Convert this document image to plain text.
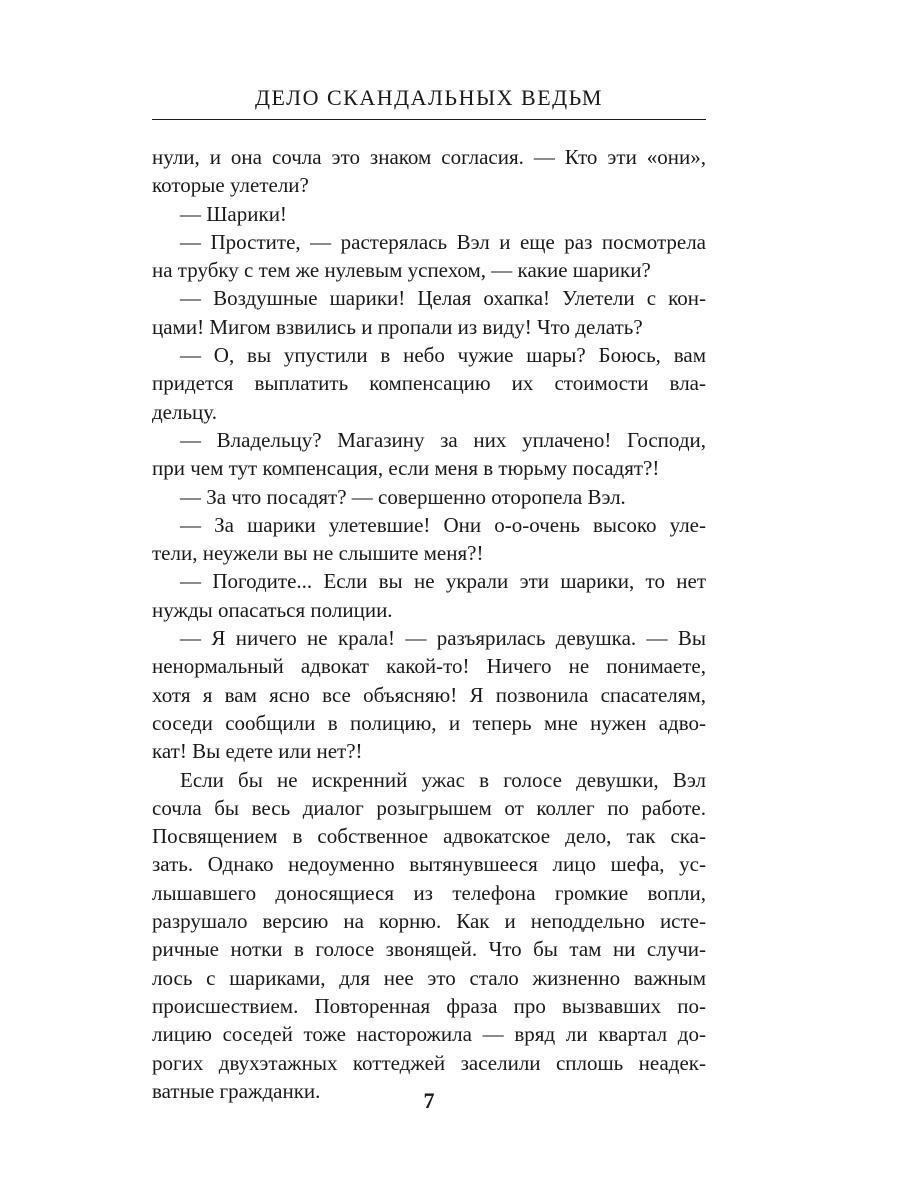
ДЕЛО СКАНДАЛЬНЫХ ВЕДЬМ
нули, и она сочла это знаком согласия. — Кто эти «они»,
которые улетели?
— Шарики!
— Простите, — растерялась Вэл и еще раз посмотрела
на трубку с тем же нулевым успехом, — какие шарики?
— Воздушные шарики! Целая охапка! Улетели с кон-
цами! Мигом взвились и пропали из виду! Что делать?
— О, вы упустили в небо чужие шары? Боюсь, вам
придется выплатить компенсацию их стоимости вла-
дельцу.
— Владельцу? Магазину за них уплачено! Господи,
при чем тут компенсация, если меня в тюрьму посадят?!
— За что посадят? — совершенно оторопела Вэл.
— За шарики улетевшие! Они о-о-очень высоко уле-
тели, неужели вы не слышите меня?!
— Погодите... Если вы не украли эти шарики, то нет
нужды опасаться полиции.
— Я ничего не крала! — разъярилась девушка. — Вы
ненормальный адвокат какой-то! Ничего не понимаете,
хотя я вам ясно все объясняю! Я позвонила спасателям,
соседи сообщили в полицию, и теперь мне нужен адво-
кат! Вы едете или нет?!
Если бы не искренний ужас в голосе девушки, Вэл
сочла бы весь диалог розыгрышем от коллег по работе.
Посвящением в собственное адвокатское дело, так ска-
зать. Однако недоуменно вытянувшееся лицо шефа, ус-
лышавшего доносящиеся из телефона громкие вопли,
разрушало версию на корню. Как и неподдельно исте-
ричные нотки в голосе звонящей. Что бы там ни случи-
лось с шариками, для нее это стало жизненно важным
происшествием. Повторенная фраза про вызвавших по-
лицию соседей тоже насторожила — вряд ли квартал до-
рогих двухэтажных коттеджей заселили сплошь неадек-
ватные гражданки.	7
